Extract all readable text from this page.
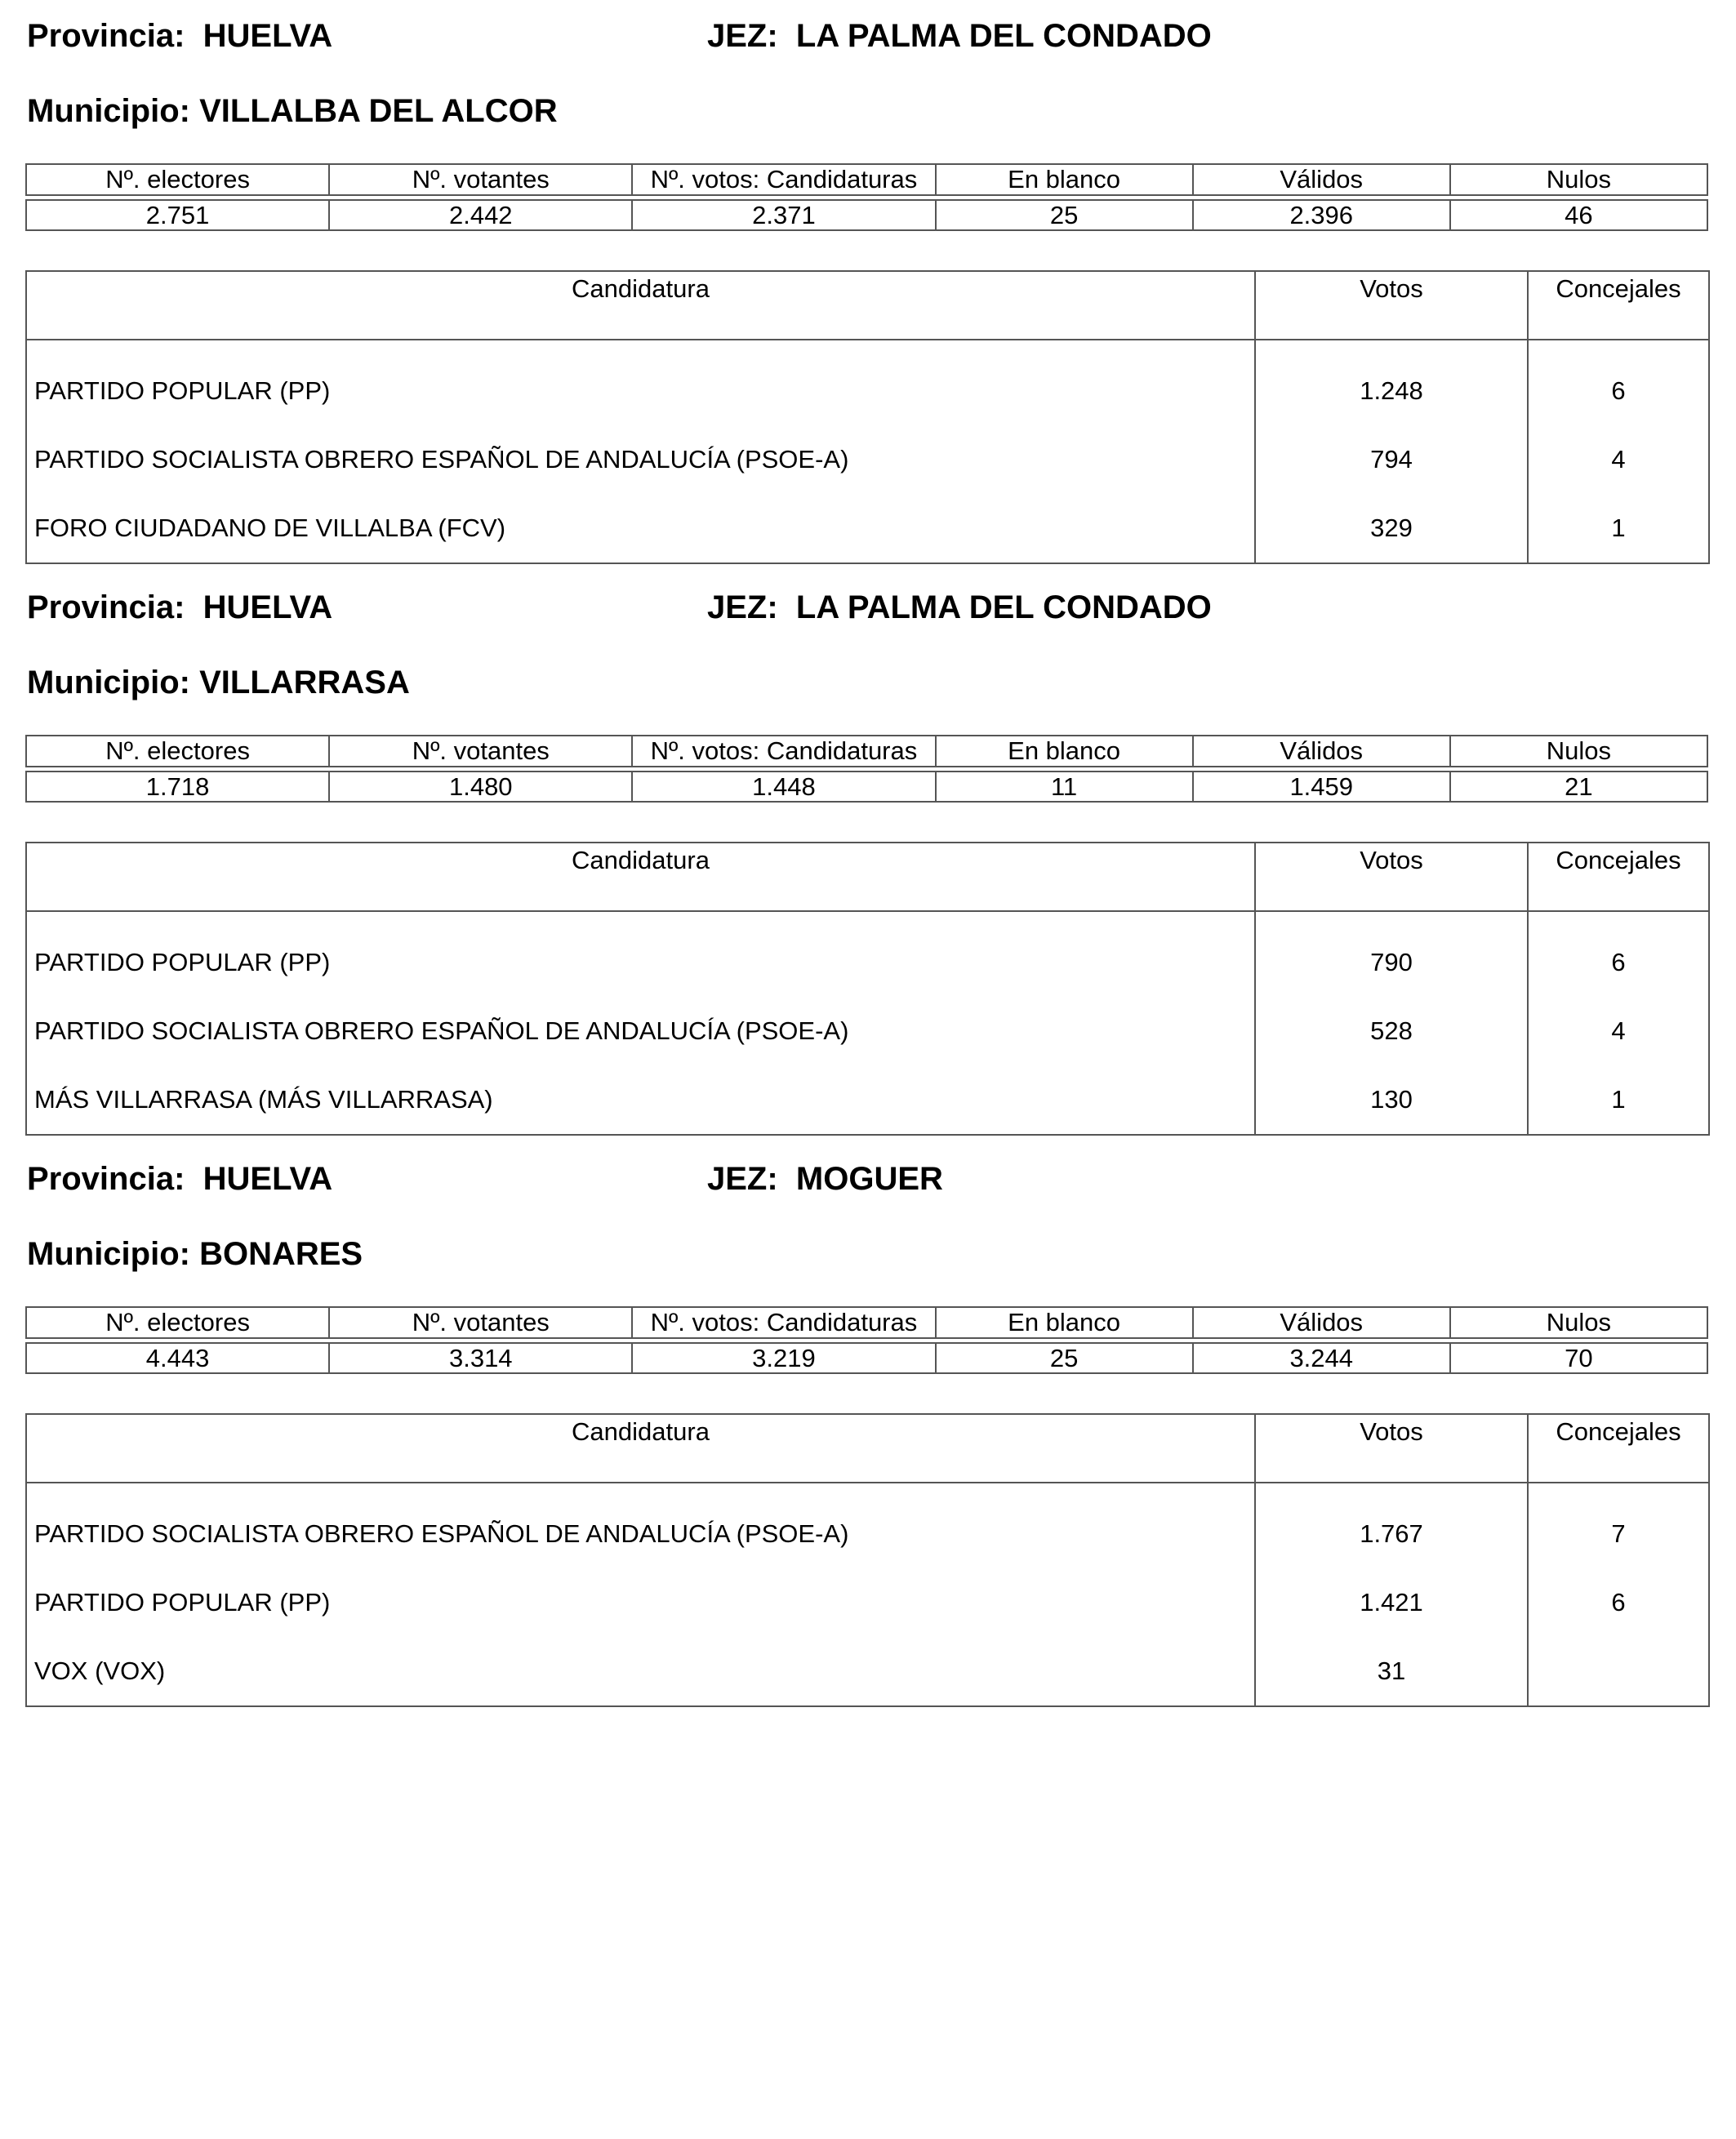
Provincia: HUELVA	JEZ: LA PALMA DEL CONDADO
Municipio: VILLALBA DEL ALCOR
Nº. electores	Nº. votantes	Nº. votos: Candidaturas	En blanco	Válidos	Nulos

2.751	2.442	2.371	25	2.396	46
Candidatura	Votos	Concejales

PARTIDO POPULAR (PP)	1.248	6
PARTIDO SOCIALISTA OBRERO ESPAÑOL DE ANDALUCÍA (PSOE-A)	794	4
FORO CIUDADANO DE VILLALBA (FCV)	329	1
Provincia: HUELVA	JEZ: LA PALMA DEL CONDADO
Municipio: VILLARRASA
Nº. electores	Nº. votantes	Nº. votos: Candidaturas	En blanco	Válidos	Nulos

1.718	1.480	1.448	11	1.459	21
Candidatura	Votos	Concejales

PARTIDO POPULAR (PP)	790	6
PARTIDO SOCIALISTA OBRERO ESPAÑOL DE ANDALUCÍA (PSOE-A)	528	4
MÁS VILLARRASA (MÁS VILLARRASA)	130	1
Provincia: HUELVA	JEZ: MOGUER
Municipio: BONARES
Nº. electores	Nº. votantes	Nº. votos: Candidaturas	En blanco	Válidos	Nulos

4.443	3.314	3.219	25	3.244	70
Candidatura	Votos	Concejales

PARTIDO SOCIALISTA OBRERO ESPAÑOL DE ANDALUCÍA (PSOE-A)	1.767	7
PARTIDO POPULAR (PP)	1.421	6
VOX (VOX)	31	
